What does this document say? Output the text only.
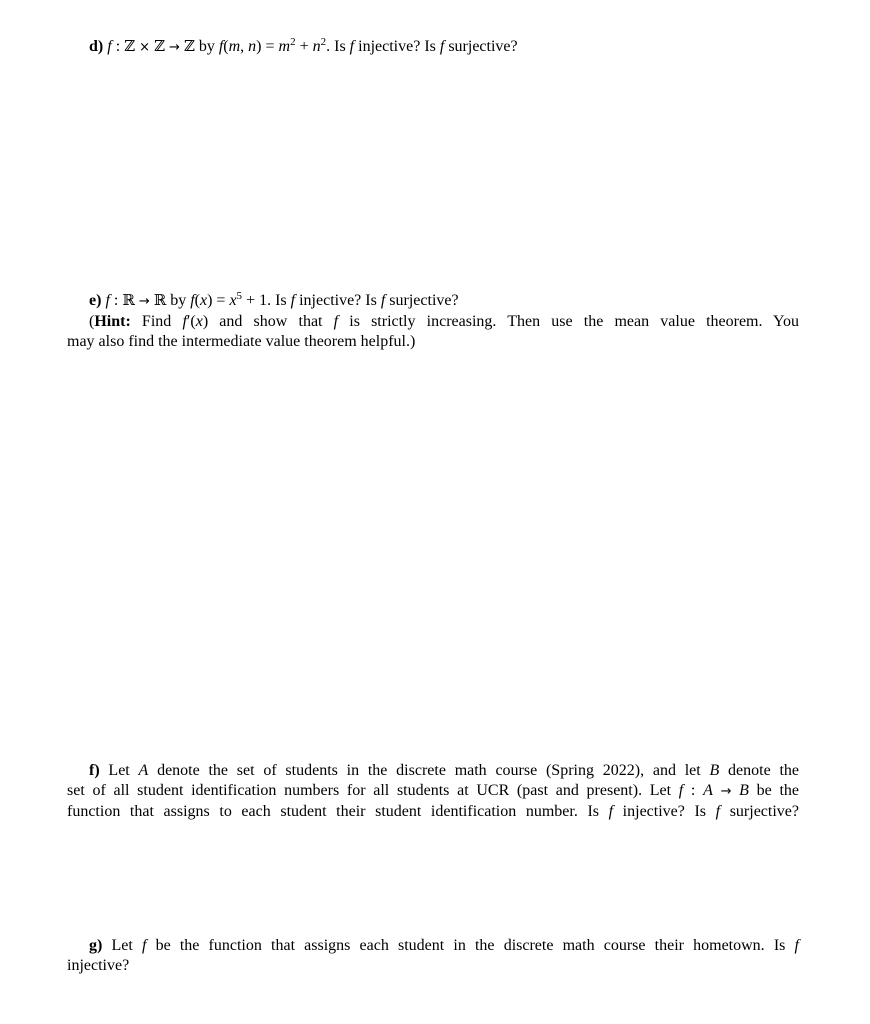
d) f : ℤ × ℤ → ℤ by f(m, $n) = m^2 + n^2$. Is f injective? Is f surjective?
e) f : ℝ → ℝ by $f(x) = x^5 + 1$. Is f injective? Is f surjective?
(Hint: Find f′(x) and show that f is strictly increasing. Then use the mean value theorem. You
may also find the intermediate value theorem helpful.)
f) Let A denote the set of students in the discrete math course (Spring 2022), and let B denote the
set of all student identification numbers for all students at UCR (past and present). Let f : A → B be the
function that assigns to each student their student identification number. Is f injective? Is f surjective?
g) Let f be the function that assigns each student in the discrete math course their hometown. Is f
injective?
